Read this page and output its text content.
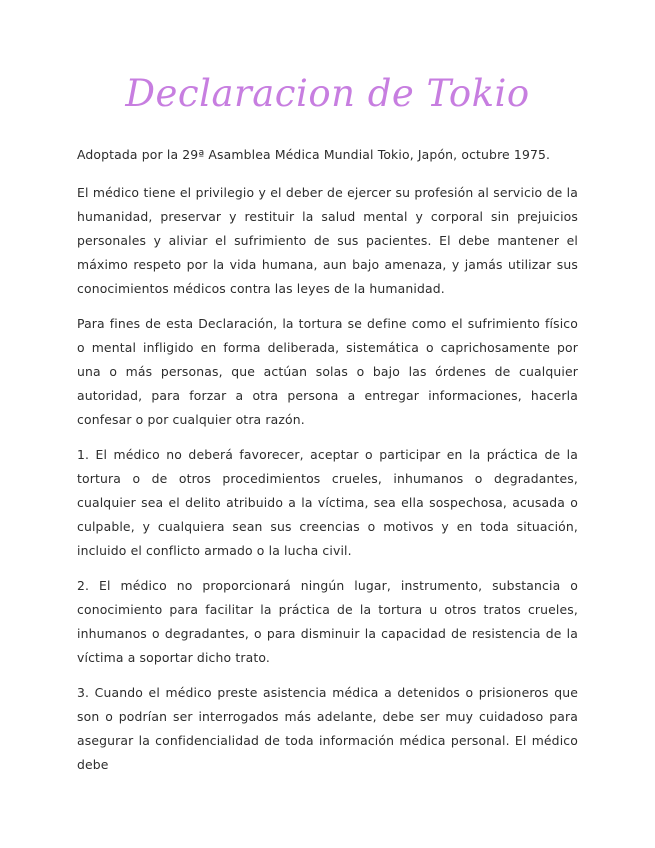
Declaracion de Tokio

Adoptada por la 29ª Asamblea Médica Mundial Tokio, Japón, octubre 1975.

El médico tiene el privilegio y el deber de ejercer su profesión al servicio de la humanidad, preservar y restituir la salud mental y corporal sin prejuicios personales y aliviar el sufrimiento de sus pacientes. El debe mantener el máximo respeto por la vida humana, aun bajo amenaza, y jamás utilizar sus conocimientos médicos contra las leyes de la humanidad.

Para fines de esta Declaración, la tortura se define como el sufrimiento físico o mental infligido en forma deliberada, sistemática o caprichosamente por una o más personas, que actúan solas o bajo las órdenes de cualquier autoridad, para forzar a otra persona a entregar informaciones, hacerla confesar o por cualquier otra razón.

1. El médico no deberá favorecer, aceptar o participar en la práctica de la tortura o de otros procedimientos crueles, inhumanos o degradantes, cualquier sea el delito atribuido a la víctima, sea ella sospechosa, acusada o culpable, y cualquiera sean sus creencias o motivos y en toda situación, incluido el conflicto armado o la lucha civil.

2. El médico no proporcionará ningún lugar, instrumento, substancia o conocimiento para facilitar la práctica de la tortura u otros tratos crueles, inhumanos o degradantes, o para disminuir la capacidad de resistencia de la víctima a soportar dicho trato.

3. Cuando el médico preste asistencia médica a detenidos o prisioneros que son o podrían ser interrogados más adelante, debe ser muy cuidadoso para asegurar la confidencialidad de toda información médica personal. El médico debe
